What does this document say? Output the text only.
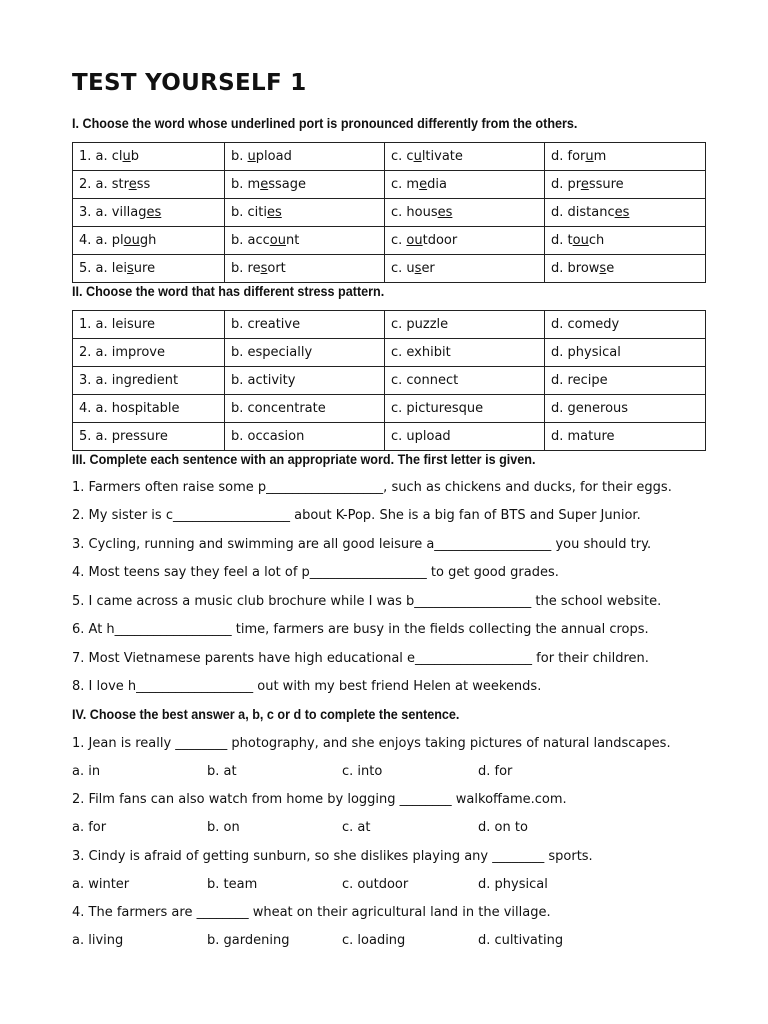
TEST YOURSELF 1
I. Choose the word whose underlined port is pronounced differently from the others.
1. a. club	b. upload	c. cultivate	d. forum
2. a. stress	b. message	c. media	d. pressure
3. a. villages	b. cities	c. houses	d. distances
4. a. plough	b. account	c. outdoor	d. touch
5. a. leisure	b. resort	c. user	d. browse
II. Choose the word that has different stress pattern.
1. a. leisure	b. creative	c. puzzle	d. comedy
2. a. improve	b. especially	c. exhibit	d. physical
3. a. ingredient	b. activity	c. connect	d. recipe
4. a. hospitable	b. concentrate	c. picturesque	d. generous
5. a. pressure	b. occasion	c. upload	d. mature
III. Complete each sentence with an appropriate word. The first letter is given.
1. Farmers often raise some p__________________, such as chickens and ducks, for their eggs.
2. My sister is c__________________ about K-Pop. She is a big fan of BTS and Super Junior.
3. Cycling, running and swimming are all good leisure a__________________ you should try.
4. Most teens say they feel a lot of p__________________ to get good grades.
5. I came across a music club brochure while I was b__________________ the school website.
6. At h__________________ time, farmers are busy in the fields collecting the annual crops.
7. Most Vietnamese parents have high educational e__________________ for their children.
8. I love h__________________ out with my best friend Helen at weekends.
IV. Choose the best answer a, b, c or d to complete the sentence.
1. Jean is really ________ photography, and she enjoys taking pictures of natural landscapes.
a. in	b. at	c. into	d. for
2. Film fans can also watch from home by logging ________ walkoffame.com.
a. for	b. on	c. at	d. on to
3. Cindy is afraid of getting sunburn, so she dislikes playing any ________ sports.
a. winter	b. team	c. outdoor	d. physical
4. The farmers are ________ wheat on their agricultural land in the village.
a. living	b. gardening	c. loading	d. cultivating
